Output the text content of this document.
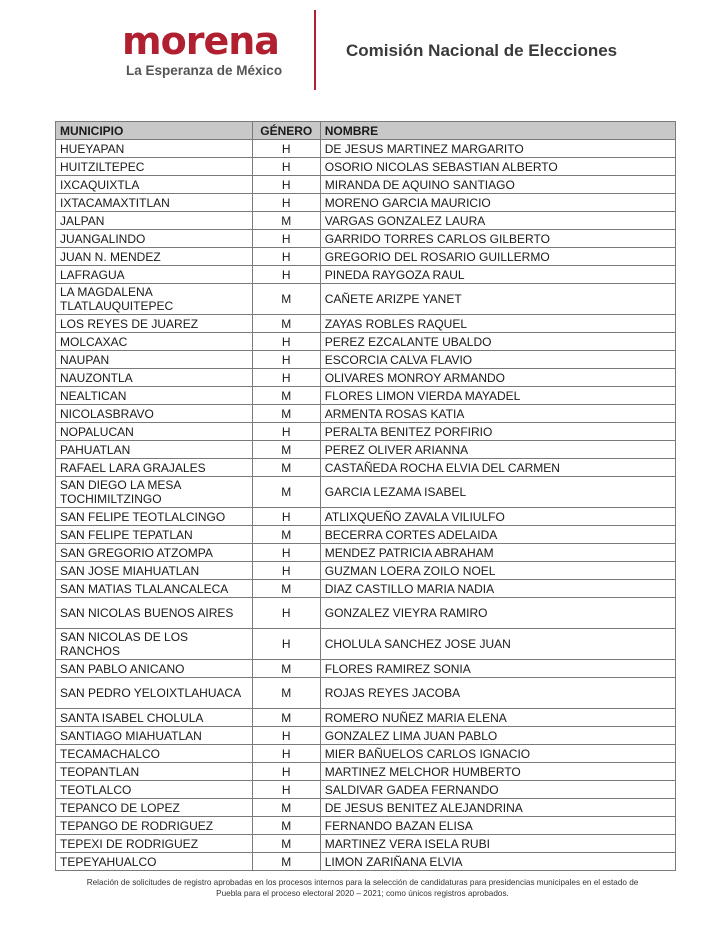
morena
La Esperanza de México
Comisión Nacional de Elecciones
MUNICIPIO	GÉNERO	NOMBRE
HUEYAPAN	H	DE JESUS MARTINEZ MARGARITO
HUITZILTEPEC	H	OSORIO NICOLAS SEBASTIAN ALBERTO
IXCAQUIXTLA	H	MIRANDA DE AQUINO SANTIAGO
IXTACAMAXTITLAN	H	MORENO GARCIA MAURICIO
JALPAN	M	VARGAS GONZALEZ LAURA
JUANGALINDO	H	GARRIDO TORRES CARLOS GILBERTO
JUAN N. MENDEZ	H	GREGORIO DEL ROSARIO GUILLERMO
LAFRAGUA	H	PINEDA RAYGOZA RAUL
LA MAGDALENA TLATLAUQUITEPEC	M	CAÑETE ARIZPE YANET
LOS REYES DE JUAREZ	M	ZAYAS ROBLES RAQUEL
MOLCAXAC	H	PEREZ EZCALANTE UBALDO
NAUPAN	H	ESCORCIA CALVA FLAVIO
NAUZONTLA	H	OLIVARES MONROY ARMANDO
NEALTICAN	M	FLORES LIMON VIERDA MAYADEL
NICOLASBRAVO	M	ARMENTA ROSAS KATIA
NOPALUCAN	H	PERALTA BENITEZ PORFIRIO
PAHUATLAN	M	PEREZ OLIVER ARIANNA
RAFAEL LARA GRAJALES	M	CASTAÑEDA ROCHA ELVIA DEL CARMEN
SAN DIEGO LA MESA TOCHIMILTZINGO	M	GARCIA LEZAMA ISABEL
SAN FELIPE TEOTLALCINGO	H	ATLIXQUEÑO ZAVALA VILIULFO
SAN FELIPE TEPATLAN	M	BECERRA CORTES ADELAIDA
SAN GREGORIO ATZOMPA	H	MENDEZ PATRICIA ABRAHAM
SAN JOSE MIAHUATLAN	H	GUZMAN LOERA ZOILO NOEL
SAN MATIAS TLALANCALECA	M	DIAZ CASTILLO MARIA NADIA
SAN NICOLAS BUENOS AIRES	H	GONZALEZ VIEYRA RAMIRO
SAN NICOLAS DE LOS RANCHOS	H	CHOLULA SANCHEZ JOSE JUAN
SAN PABLO ANICANO	M	FLORES RAMIREZ SONIA
SAN PEDRO YELOIXTLAHUACA	M	ROJAS REYES JACOBA
SANTA ISABEL CHOLULA	M	ROMERO NUÑEZ MARIA ELENA
SANTIAGO MIAHUATLAN	H	GONZALEZ LIMA JUAN PABLO
TECAMACHALCO	H	MIER BAÑUELOS CARLOS IGNACIO
TEOPANTLAN	H	MARTINEZ MELCHOR HUMBERTO
TEOTLALCO	H	SALDIVAR GADEA FERNANDO
TEPANCO DE LOPEZ	M	DE JESUS BENITEZ ALEJANDRINA
TEPANGO DE RODRIGUEZ	M	FERNANDO BAZAN ELISA
TEPEXI DE RODRIGUEZ	M	MARTINEZ VERA ISELA RUBI
TEPEYAHUALCO	M	LIMON ZARIÑANA ELVIA
Relación de solicitudes de registro aprobadas en los procesos internos para la selección de candidaturas para presidencias municipales en el estado de Puebla para el proceso electoral 2020 – 2021; como únicos registros aprobados.
